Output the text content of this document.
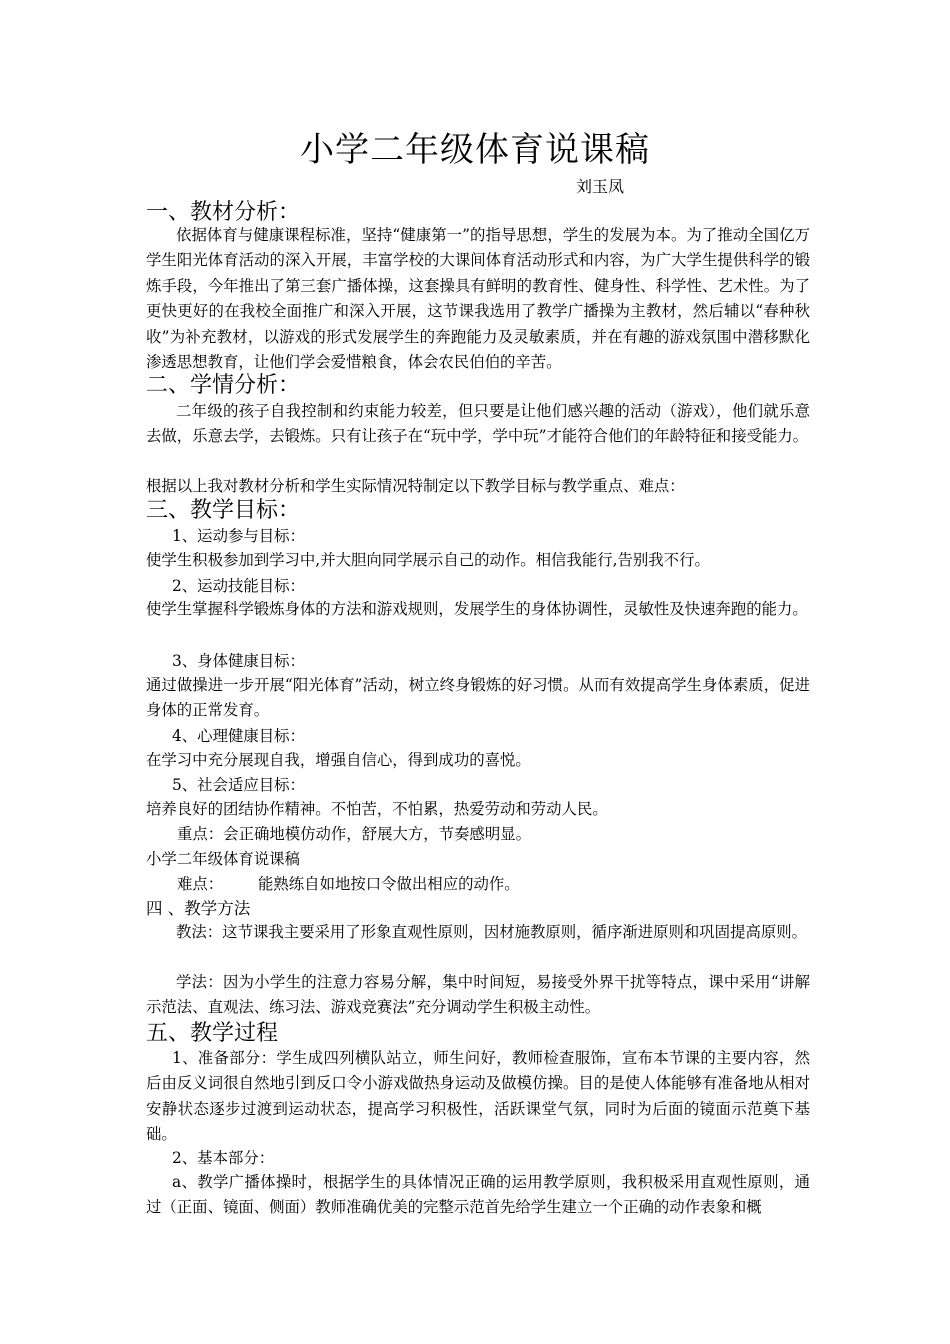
小学二年级体育说课稿
刘玉凤
一、教材分析：
依据体育与健康课程标准，坚持“健康第一”的指导思想，学生的发展为本。为了推动全国亿万学生阳光体育活动的深入开展，丰富学校的大课间体育活动形式和内容，为广大学生提供科学的锻炼手段，今年推出了第三套广播体操，这套操具有鲜明的教育性、健身性、科学性、艺术性。为了更快更好的在我校全面推广和深入开展，这节课我选用了教学广播操为主教材，然后辅以“春种秋收”为补充教材，以游戏的形式发展学生的奔跑能力及灵敏素质，并在有趣的游戏氛围中潜移默化渗透思想教育，让他们学会爱惜粮食，体会农民伯伯的辛苦。
二、学情分析：
二年级的孩子自我控制和约束能力较差，但只要是让他们感兴趣的活动（游戏），他们就乐意去做，乐意去学，去锻炼。只有让孩子在“玩中学，学中玩”才能符合他们的年龄特征和接受能力。
根据以上我对教材分析和学生实际情况特制定以下教学目标与教学重点、难点：
三、教学目标：
1、运动参与目标：
使学生积极参加到学习中,并大胆向同学展示自己的动作。相信我能行,告别我不行。
2、运动技能目标：
使学生掌握科学锻炼身体的方法和游戏规则，发展学生的身体协调性，灵敏性及快速奔跑的能力。
3、身体健康目标：
通过做操进一步开展“阳光体育”活动，树立终身锻炼的好习惯。从而有效提高学生身体素质，促进身体的正常发育。
4、心理健康目标：
在学习中充分展现自我，增强自信心，得到成功的喜悦。
5、社会适应目标：
培养良好的团结协作精神。不怕苦，不怕累，热爱劳动和劳动人民。
重点：会正确地模仿动作，舒展大方，节奏感明显。
小学二年级体育说课稿
难点： 能熟练自如地按口令做出相应的动作。
四 、教学方法
教法：这节课我主要采用了形象直观性原则，因材施教原则，循序渐进原则和巩固提高原则。
学法：因为小学生的注意力容易分解，集中时间短，易接受外界干扰等特点，课中采用“讲解示范法、直观法、练习法、游戏竞赛法”充分调动学生积极主动性。
五、教学过程
1、准备部分：学生成四列横队站立，师生问好，教师检查服饰，宣布本节课的主要内容，然后由反义词很自然地引到反口令小游戏做热身运动及做模仿操。目的是使人体能够有准备地从相对安静状态逐步过渡到运动状态，提高学习积极性，活跃课堂气氛，同时为后面的镜面示范奠下基础。
2、基本部分：
a、教学广播体操时，根据学生的具体情况正确的运用教学原则，我积极采用直观性原则，通过（正面、镜面、侧面）教师准确优美的完整示范首先给学生建立一个正确的动作表象和概
